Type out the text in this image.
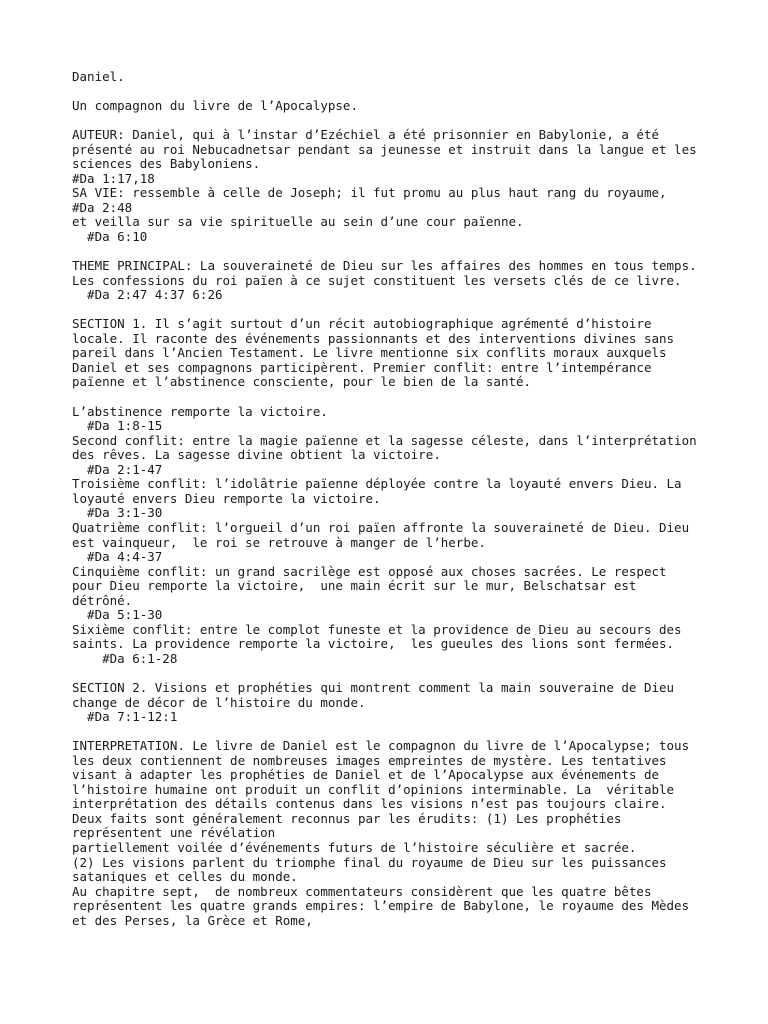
Daniel.
Un compagnon du livre de l’Apocalypse.
AUTEUR: Daniel, qui à l’instar d’Ezéchiel a été prisonnier en Babylonie, a été
présenté au roi Nebucadnetsar pendant sa jeunesse et instruit dans la langue et les
sciences des Babyloniens.
#Da 1:17,18
SA VIE: ressemble à celle de Joseph; il fut promu au plus haut rang du royaume,
#Da 2:48
et veilla sur sa vie spirituelle au sein d’une cour païenne.
#Da 6:10
THEME PRINCIPAL: La souveraineté de Dieu sur les affaires des hommes en tous temps.
Les confessions du roi païen à ce sujet constituent les versets clés de ce livre.
#Da 2:47 4:37 6:26
SECTION 1. Il s’agit surtout d’un récit autobiographique agrémenté d’histoire
locale. Il raconte des événements passionnants et des interventions divines sans
pareil dans l’Ancien Testament. Le livre mentionne six conflits moraux auxquels
Daniel et ses compagnons participèrent. Premier conflit: entre l’intempérance
païenne et l’abstinence consciente, pour le bien de la santé.
L’abstinence remporte la victoire.
#Da 1:8-15
Second conflit: entre la magie païenne et la sagesse céleste, dans l’interprétation
des rêves. La sagesse divine obtient la victoire.
#Da 2:1-47
Troisième conflit: l’idolâtrie païenne déployée contre la loyauté envers Dieu. La
loyauté envers Dieu remporte la victoire.
#Da 3:1-30
Quatrième conflit: l’orgueil d’un roi païen affronte la souveraineté de Dieu. Dieu
est vainqueur,  le roi se retrouve à manger de l’herbe.
#Da 4:4-37
Cinquième conflit: un grand sacrilège est opposé aux choses sacrées. Le respect
pour Dieu remporte la victoire,  une main écrit sur le mur, Belschatsar est
détrôné.
#Da 5:1-30
Sixième conflit: entre le complot funeste et la providence de Dieu au secours des
saints. La providence remporte la victoire,  les gueules des lions sont fermées.
#Da 6:1-28
SECTION 2. Visions et prophéties qui montrent comment la main souveraine de Dieu
change de décor de l’histoire du monde.
#Da 7:1-12:1
INTERPRETATION. Le livre de Daniel est le compagnon du livre de l’Apocalypse; tous
les deux contiennent de nombreuses images empreintes de mystère. Les tentatives
visant à adapter les prophéties de Daniel et de l’Apocalypse aux événements de
l’histoire humaine ont produit un conflit d’opinions interminable. La  véritable
interprétation des détails contenus dans les visions n’est pas toujours claire.
Deux faits sont généralement reconnus par les érudits: (1) Les prophéties
représentent une révélation
partiellement voilée d’événements futurs de l’histoire séculière et sacrée.
(2) Les visions parlent du triomphe final du royaume de Dieu sur les puissances
sataniques et celles du monde.
Au chapitre sept,  de nombreux commentateurs considèrent que les quatre bêtes
représentent les quatre grands empires: l’empire de Babylone, le royaume des Mèdes
et des Perses, la Grèce et Rome,
